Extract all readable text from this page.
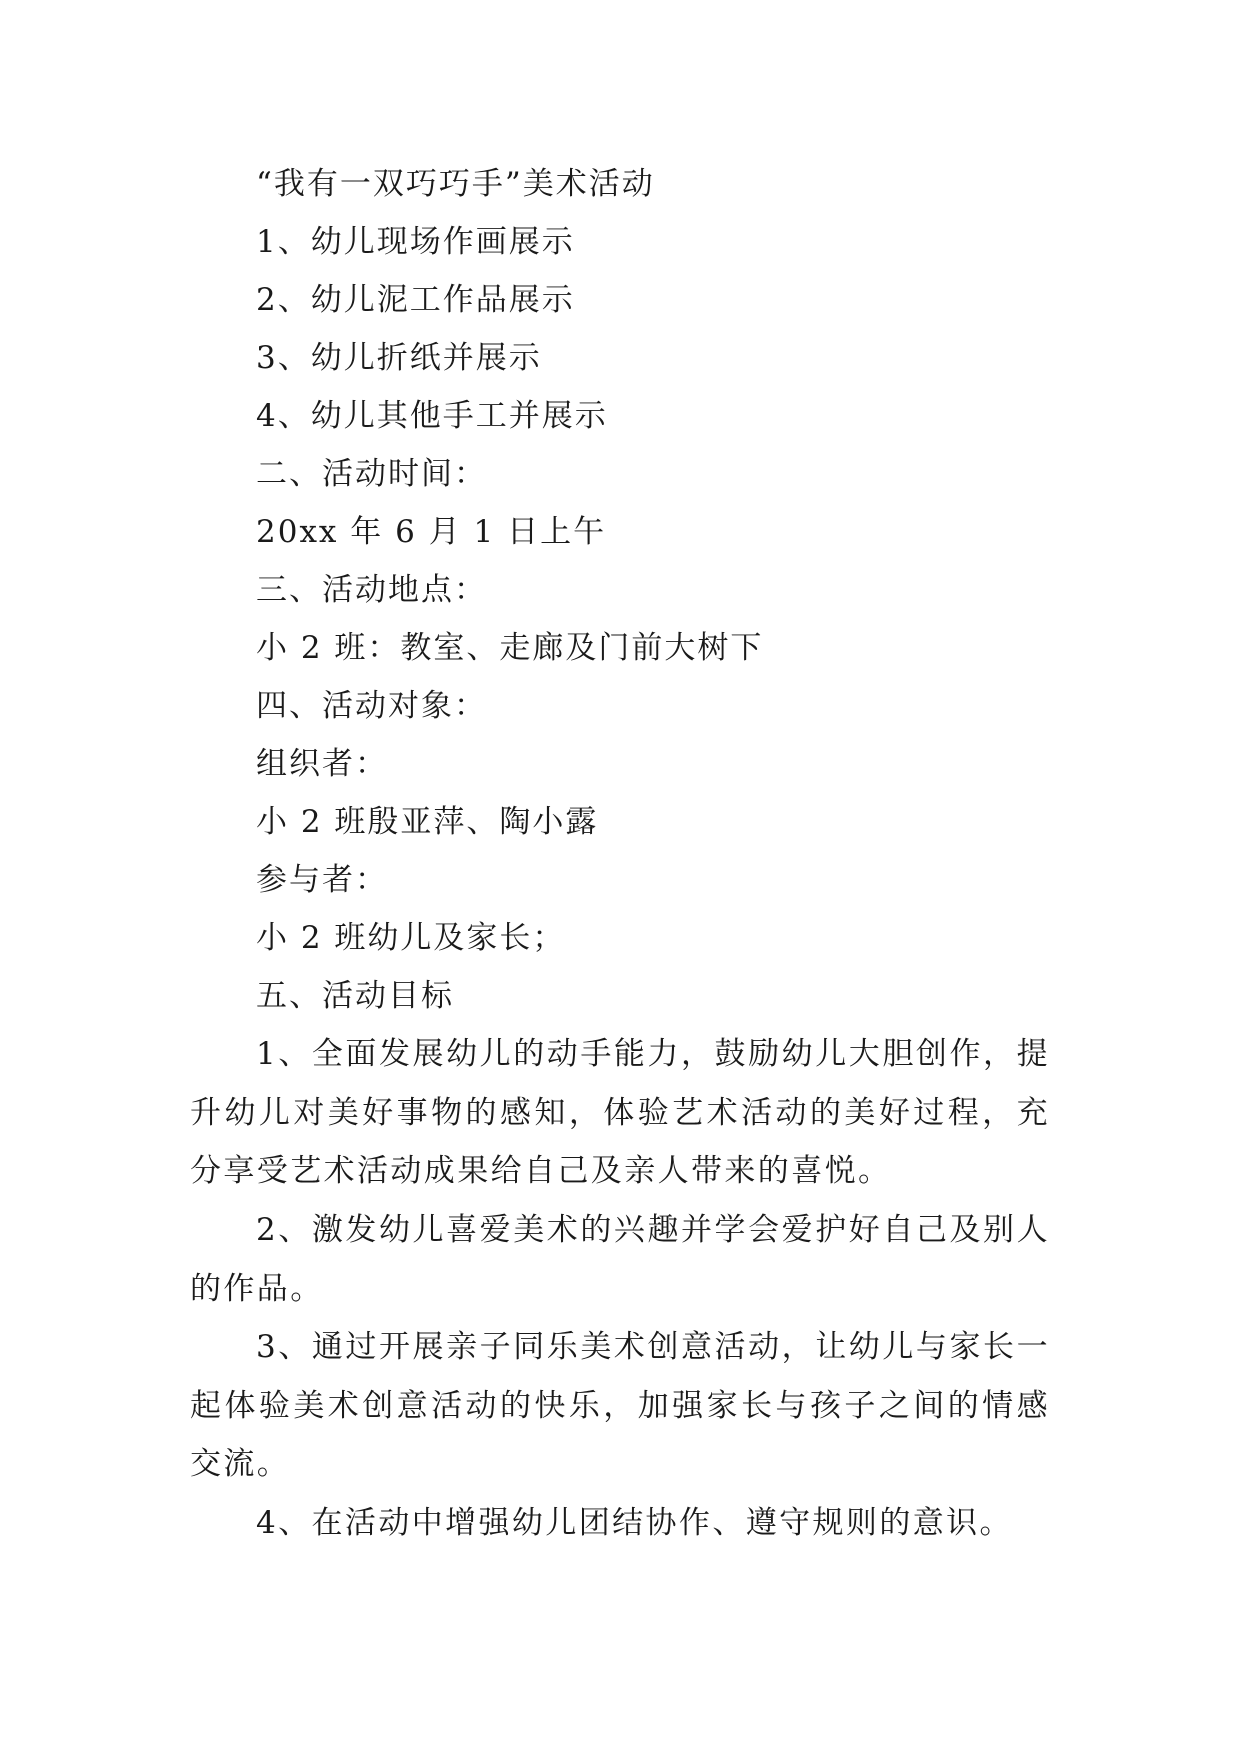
“我有一双巧巧手”美术活动
1、幼儿现场作画展示
2、幼儿泥工作品展示
3、幼儿折纸并展示
4、幼儿其他手工并展示
二、活动时间：
20xx 年 6 月 1 日上午
三、活动地点：
小 2 班：教室、走廊及门前大树下
四、活动对象：
组织者：
小 2 班殷亚萍、陶小露
参与者：
小 2 班幼儿及家长；
五、活动目标

1、全面发展幼儿的动手能力，鼓励幼儿大胆创作，提升幼儿对美好事物的感知，体验艺术活动的美好过程，充分享受艺术活动成果给自己及亲人带来的喜悦。

2、激发幼儿喜爱美术的兴趣并学会爱护好自己及别人的作品。

3、通过开展亲子同乐美术创意活动，让幼儿与家长一起体验美术创意活动的快乐，加强家长与孩子之间的情感交流。

4、在活动中增强幼儿团结协作、遵守规则的意识。
